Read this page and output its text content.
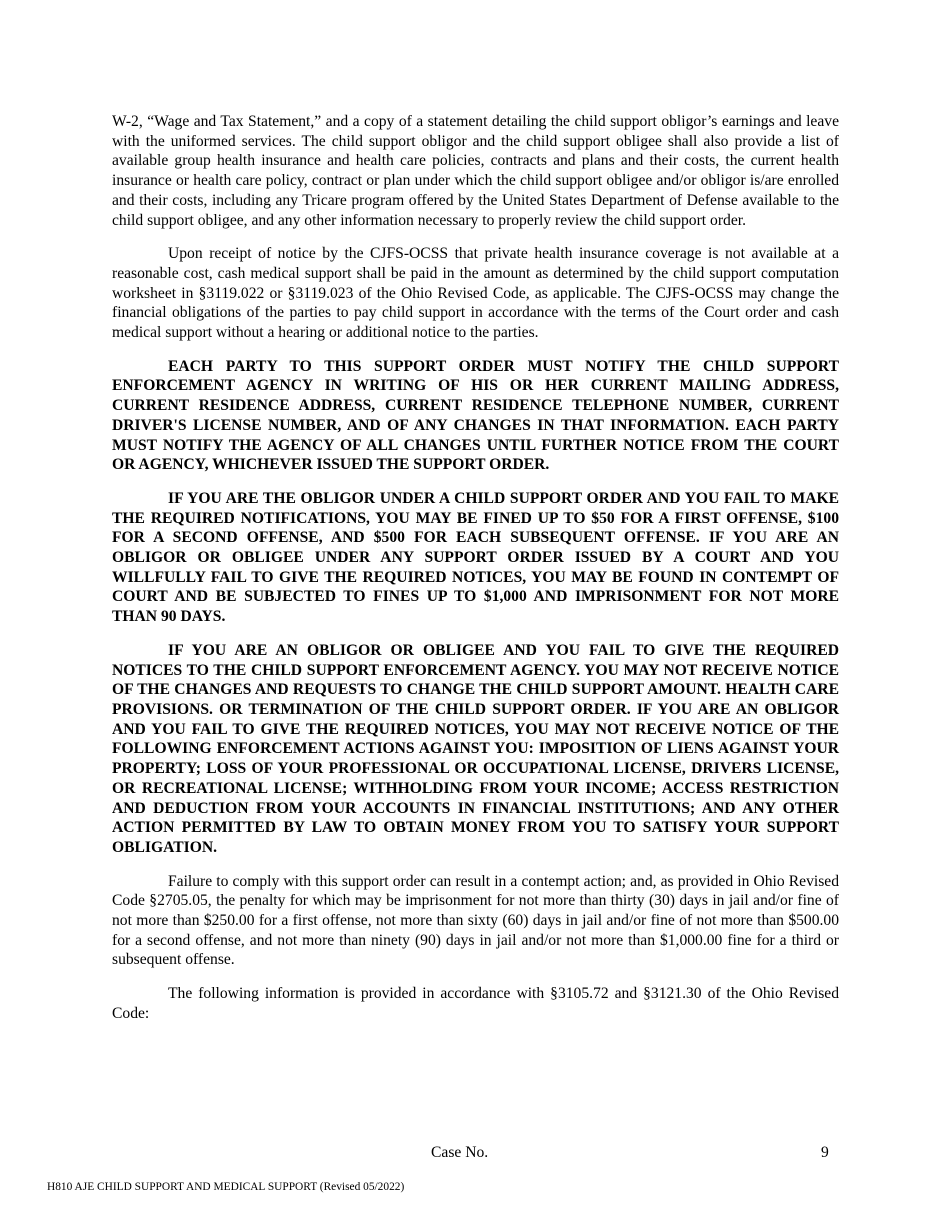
W-2, “Wage and Tax Statement,” and a copy of a statement detailing the child support obligor’s earnings and leave with the uniformed services. The child support obligor and the child support obligee shall also provide a list of available group health insurance and health care policies, contracts and plans and their costs, the current health insurance or health care policy, contract or plan under which the child support obligee and/or obligor is/are enrolled and their costs, including any Tricare program offered by the United States Department of Defense available to the child support obligee, and any other information necessary to properly review the child support order.

Upon receipt of notice by the CJFS-OCSS that private health insurance coverage is not available at a reasonable cost, cash medical support shall be paid in the amount as determined by the child support computation worksheet in §3119.022 or §3119.023 of the Ohio Revised Code, as applicable. The CJFS-OCSS may change the financial obligations of the parties to pay child support in accordance with the terms of the Court order and cash medical support without a hearing or additional notice to the parties.

EACH PARTY TO THIS SUPPORT ORDER MUST NOTIFY THE CHILD SUPPORT ENFORCEMENT AGENCY IN WRITING OF HIS OR HER CURRENT MAILING ADDRESS, CURRENT RESIDENCE ADDRESS, CURRENT RESIDENCE TELEPHONE NUMBER, CURRENT DRIVER'S LICENSE NUMBER, AND OF ANY CHANGES IN THAT INFORMATION. EACH PARTY MUST NOTIFY THE AGENCY OF ALL CHANGES UNTIL FURTHER NOTICE FROM THE COURT OR AGENCY, WHICHEVER ISSUED THE SUPPORT ORDER.

IF YOU ARE THE OBLIGOR UNDER A CHILD SUPPORT ORDER AND YOU FAIL TO MAKE THE REQUIRED NOTIFICATIONS, YOU MAY BE FINED UP TO $50 FOR A FIRST OFFENSE, $100 FOR A SECOND OFFENSE, AND $500 FOR EACH SUBSEQUENT OFFENSE. IF YOU ARE AN OBLIGOR OR OBLIGEE UNDER ANY SUPPORT ORDER ISSUED BY A COURT AND YOU WILLFULLY FAIL TO GIVE THE REQUIRED NOTICES, YOU MAY BE FOUND IN CONTEMPT OF COURT AND BE SUBJECTED TO FINES UP TO $1,000 AND IMPRISONMENT FOR NOT MORE THAN 90 DAYS.

IF YOU ARE AN OBLIGOR OR OBLIGEE AND YOU FAIL TO GIVE THE REQUIRED NOTICES TO THE CHILD SUPPORT ENFORCEMENT AGENCY. YOU MAY NOT RECEIVE NOTICE OF THE CHANGES AND REQUESTS TO CHANGE THE CHILD SUPPORT AMOUNT. HEALTH CARE PROVISIONS. OR TERMINATION OF THE CHILD SUPPORT ORDER. IF YOU ARE AN OBLIGOR AND YOU FAIL TO GIVE THE REQUIRED NOTICES, YOU MAY NOT RECEIVE NOTICE OF THE FOLLOWING ENFORCEMENT ACTIONS AGAINST YOU: IMPOSITION OF LIENS AGAINST YOUR PROPERTY; LOSS OF YOUR PROFESSIONAL OR OCCUPATIONAL LICENSE, DRIVERS LICENSE, OR RECREATIONAL LICENSE; WITHHOLDING FROM YOUR INCOME; ACCESS RESTRICTION AND DEDUCTION FROM YOUR ACCOUNTS IN FINANCIAL INSTITUTIONS; AND ANY OTHER ACTION PERMITTED BY LAW TO OBTAIN MONEY FROM YOU TO SATISFY YOUR SUPPORT OBLIGATION.

Failure to comply with this support order can result in a contempt action; and, as provided in Ohio Revised Code §2705.05, the penalty for which may be imprisonment for not more than thirty (30) days in jail and/or fine of not more than $250.00 for a first offense, not more than sixty (60) days in jail and/or fine of not more than $500.00 for a second offense, and not more than ninety (90) days in jail and/or not more than $1,000.00 fine for a third or subsequent offense.

The following information is provided in accordance with §3105.72 and §3121.30 of the Ohio Revised Code:

Case No.	9
H810 AJE CHILD SUPPORT AND MEDICAL SUPPORT (Revised 05/2022)
